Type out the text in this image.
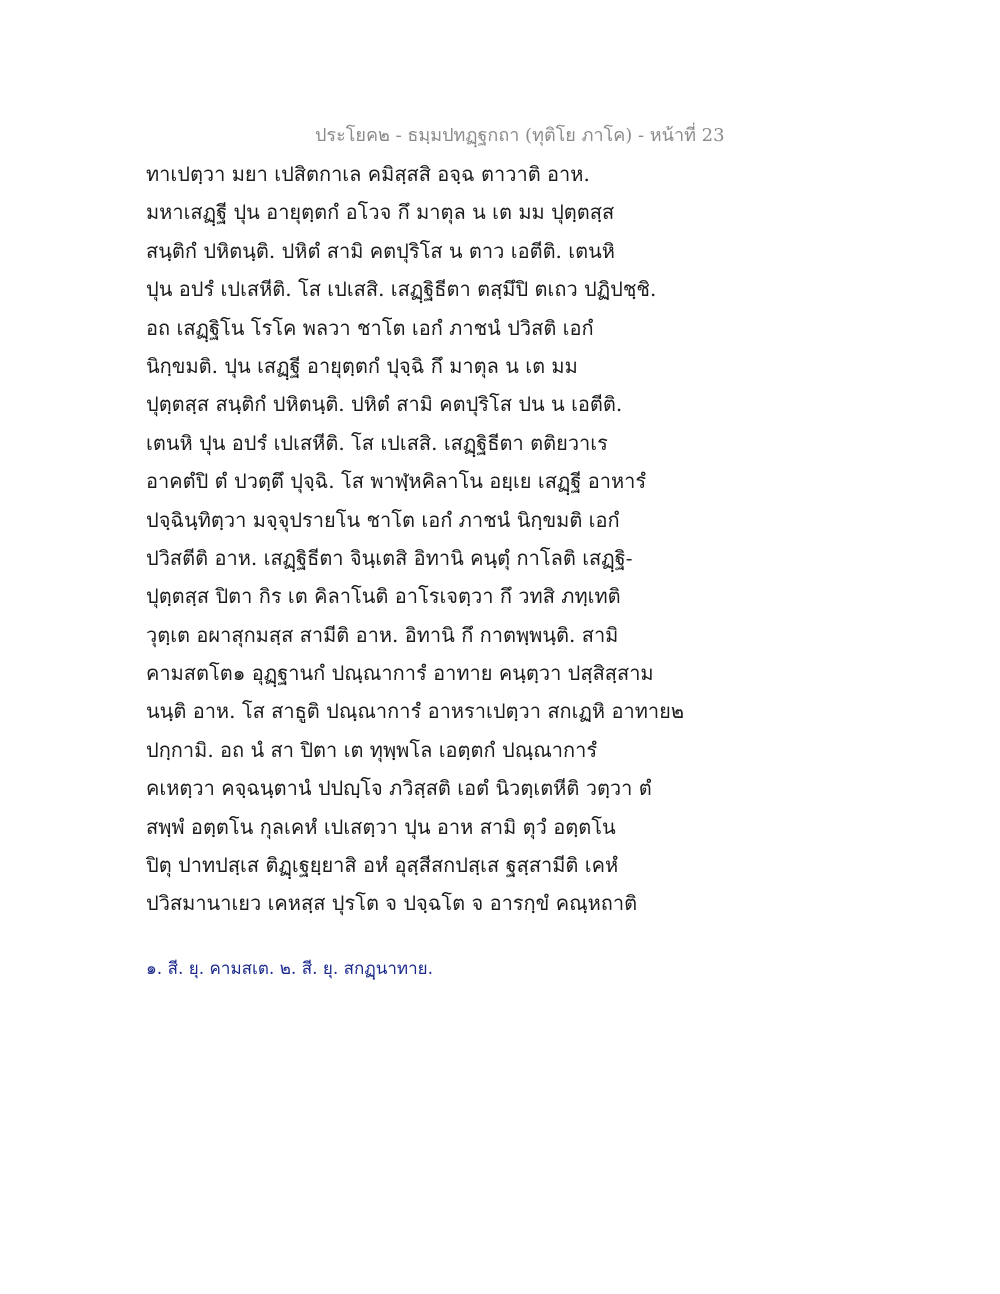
ประโยค๒ - ธมฺมปทฏฺฐกถา (ทุติโย ภาโค) - หน้าที่ 23
ทาเปตฺวา มยา เปสิตกาเล คมิสฺสสิ อจฺฉ ตาวาติ อาห.
มหาเสฏฺฐี ปุน อายุตฺตกํ อโวจ กึ มาตุล น เต มม ปุตฺตสฺส
สนฺติกํ ปหิตนฺติ. ปหิตํ สามิ คตปุริโส น ตาว เอตีติ. เตนหิ
ปุน อปรํ เปเสหีติ. โส เปเสสิ. เสฏฺฐิธีตา ตสฺมึปิ ตเถว ปฏิปชฺชิ.
อถ เสฏฺฐิโน โรโค พลวา ชาโต เอกํ ภาชนํ ปวิสติ เอกํ
นิกฺขมติ. ปุน เสฏฺฐี อายุตฺตกํ ปุจฺฉิ กึ มาตุล น เต มม
ปุตฺตสฺส สนฺติกํ ปหิตนฺติ. ปหิตํ สามิ คตปุริโส ปน น เอตีติ.
เตนหิ ปุน อปรํ เปเสหีติ. โส เปเสสิ. เสฏฺฐิธีตา ตติยวาเร
อาคตํปิ ตํ ปวตฺตึ ปุจฺฉิ. โส พาฬฺหคิลาโน อยฺเย เสฏฺฐี อาหารํ
ปจฺฉินฺทิตฺวา มจฺจุปรายโน ชาโต เอกํ ภาชนํ นิกฺขมติ เอกํ
ปวิสตีติ อาห. เสฏฺฐิธีตา จินฺเตสิ อิทานิ คนฺตุํ กาโลติ เสฏฺฐิ-
ปุตฺตสฺส ปิตา กิร เต คิลาโนติ อาโรเจตฺวา กึ วทสิ ภทฺเทติ
วุตฺเต อผาสุกมสฺส สามีติ อาห. อิทานิ กึ กาตพฺพนฺติ. สามิ
คามสตโต๑ อุฏฺฐานกํ ปณฺณาการํ อาทาย คนฺตฺวา ปสฺสิสฺสาม
นนฺติ อาห. โส สาธูติ ปณฺณาการํ อาหราเปตฺวา สกเฏหิ อาทาย๒
ปกฺกามิ. อถ นํ สา ปิตา เต ทุพฺพโล เอตฺตกํ ปณฺณาการํ
คเหตฺวา คจฺฉนฺตานํ ปปญฺโจ ภวิสฺสติ เอตํ นิวตฺเตหีติ วตฺวา ตํ
สพฺพํ อตฺตโน กุลเคหํ เปเสตฺวา ปุน อาห สามิ ตุวํ อตฺตโน
ปิตุ ปาทปสฺเส ติฏฺเฐยฺยาสิ อหํ อุสฺสีสกปสฺเส ฐสฺสามีติ เคหํ
ปวิสมานาเยว เคหสฺส ปุรโต จ ปจฺฉโต จ อารกฺขํ คณฺหถาติ
๑. สี. ยุ. คามสเต. ๒. สี. ยุ. สกฏฺนาทาย.
